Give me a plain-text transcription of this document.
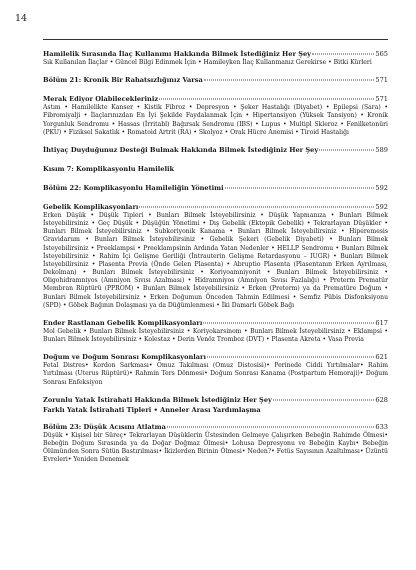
14
Hamilelik Sırasında İlaç Kullanımı Hakkında Bilmek İstediğiniz Her Şey	565
Sık Kullanılan İlaçlar • Güncel Bilgi Edinmek İçin • Hamileyken İlaç Kullanmanız Gerekirse • Bitki Kürleri
Bölüm 21: Kronik Bir Rahatsızlığınız Varsa	571
Merak Ediyor Olabilecekleriniz	571
Astım • Hamilelikte Kanser • Kistik Fibroz • Depresyon • Şeker Hastalığı (Diyabet) • Epilepsi (Sara) • Fibromiyalji • İlaçlarınızdan En İyi Şekilde Faydalanmak İçin • Hipertansiyon (Yüksek Tansiyon) • Kronik Yorgunluk Sendromu • Hassas (İrritabl) Bağırsak Sendromu (IBS) • Lupus • Multipl Skleroz • Fenilketonüri (PKU) • Fiziksel Sakatlık • Romatoid Artrit (RA) • Skolyoz • Orak Hücre Anemisi • Tiroid Hastalığı
İhtiyaç Duyduğunuz Desteği Bulmak Hakkında Bilmek İstediğiniz Her Şey	589
Kısım 7: Komplikasyonlu Hamilelik
Bölüm 22: Komplikasyonlu Hamileliğin Yönetimi	592
Gebelik Komplikasyonları	592
Erken Düşük • Düşük Tipleri • Bunları Bilmek İsteyebilirsiniz • Düşük Yapmanıza • Bunları Bilmek İsteyebilirsiniz • Geç Düşük • Düşüğün Yönetimi • Dış Gebelik (Ektopik Gebelik) • Tekrarlayan Düşükler • Bunları Bilmek İsteyebilirsiniz • Subkoriyonik Kanama • Bunları Bilmek İsteyebilirsiniz • Hiperemesis Gravidarum • Bunları Bilmek İsteyebilirsiniz • Gebelik Şekeri (Gebelik Diyabeti) • Bunları Bilmek İsteyebilirsiniz • Preeklampsi • Preeklampsinin Ardında Yatan Nedenler • HELLP Sendromu • Bunları Bilmek İsteyebilirsiniz • Rahim İçi Gelişme Geriliği (İntrauterin Gelişme Retardasyonu – IUGR) • Bunları Bilmek İsteyebilirsiniz • Plasenta Previa (Önde Gelen Plasenta) • Abruptio Plasenta (Plasentanın Erken Ayrılması, Dekolman) • Bunları Bilmek İsteyebilirsiniz • Koriyoamniyonit • Bunları Bilmek İsteyebilirsiniz • Oligohidramniyos (Amniyon Sıvısı Azalması) • Hidramniyos (Amniyon Sıvısı Fazlalığı) • Preterm Prematür Membran Rüptürü (PPROM) • Bunları Bilmek İsteyebilirsiniz • Erken (Preterm) ya da Prematüre Doğum • Bunları Bilmek İsteyebilirsiniz • Erken Doğumun Önceden Tahmin Edilmesi • Semfiz Pübis Disfonksiyonu (SPD) • Göbek Bağının Dolaşması ya da Düğümlenmesi • İki Damarlı Göbek Bağı
Ender Rastlanan Gebelik Komplikasyonları	617
Mol Gebelik • Bunları Bilmek İsteyebilirsiniz • Koriyokarsinom • Bunları Bilmek İsteyebilirsiniz • Eklampsi • Bunları Bilmek İsteyebilirsiniz • Kolestaz • Derin Venöz Tromboz (DVT) • Plasenta Akreta • Vasa Previa
Doğum ve Doğum Sonrası Komplikasyonları	621
Fetal Distres• Kordon Sarkması• Omuz Takılması (Omuz Distosisi)• Perinede Ciddi Yırtılmalar• Rahim Yırtılması (Uterus Rüptürü)• Rahmin Ters Dönmesi• Doğum Sonrası Kanama (Postpartum Hemoraji)• Doğum Sonrası Enfeksiyon
Zorunlu Yatak İstirahati Hakkında Bilmek İstediğiniz Her Şey	628
Farklı Yatak İstirahati Tipleri • Anneler Arası Yardımlaşma
Bölüm 23: Düşük Acısını Atlatma	633
Düşük • Kişisel bir Süreç• Tekrarlayan Düşüklerin Üstesinden Gelmeye Çalışırken Bebeğin Rahimde Ölmesi• Bebeğin Doğum Sırasında ya da Doğar Doğmaz Ölmesi• Lohusa Depresyonu ve Bebeğin Kaybı• Bebeğin Ölümünden Sonra Sütün Bastırılması• İkizlerden Birinin Ölmesi• Neden?• Fetüs Sayısının Azaltılması• Üzüntü Evreleri• Yeniden Denemek
